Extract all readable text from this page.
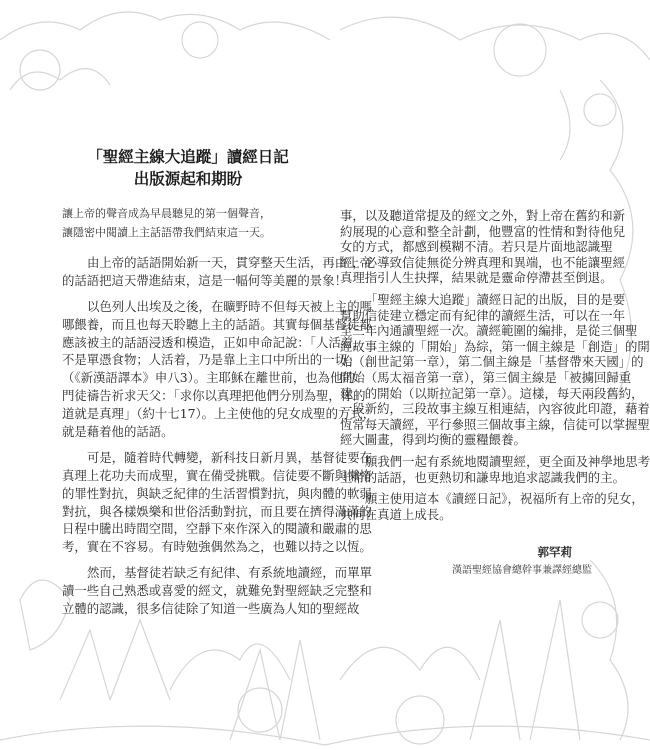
「聖經主線大追蹤」讀經日記
出版源起和期盼
讓上帝的聲音成為早晨聽見的第一個聲音，
讓隱密中閱讀上主話語帶我們結束這一天。
由上帝的話語開始新一天，貫穿整天生活，再由上帝
的話語把這天帶進結束，這是一幅何等美麗的景象！
以色列人出埃及之後，在曠野時不但每天被上主的嗎
哪餵養，而且也每天聆聽上主的話語。其實每個基督徒都
應該被主的話語浸透和模造，正如申命記說：「人活着，
不是單憑食物；人活着，乃是靠上主口中所出的一切」
（《新漢語譯本》申八3）。主耶穌在離世前，也為他的
門徒禱告祈求天父：「求你以真理把他們分別為聖，你的
道就是真理」（約十七17）。上主使他的兒女成聖的方式，
就是藉着他的話語。
可是，隨着時代轉變，新科技日新月異，基督徒要在
真理上花功夫而成聖，實在備受挑戰。信徒要不斷與懶惰
的罪性對抗，與缺乏紀律的生活習慣對抗，與肉體的軟弱
對抗，與各樣娛樂和世俗活動對抗，而且要在擠得滿滿的
日程中騰出時間空間，空靜下來作深入的閱讀和嚴肅的思
考，實在不容易。有時勉強偶然為之，也難以持之以恆。
然而，基督徒若缺乏有紀律、有系統地讀經，而單單
讀一些自己熟悉或喜愛的經文，就難免對聖經缺乏完整和
立體的認識，很多信徒除了知道一些廣為人知的聖經故
事，以及聽道常提及的經文之外，對上帝在舊約和新
約展現的心意和整全計劃，他豐富的性情和對待他兒
女的方式，都感到模糊不清。若只是片面地認識聖
經，必導致信徒無從分辨真理和異端，也不能讓聖經
真理指引人生抉擇，結果就是靈命停滯甚至倒退。
「聖經主線大追蹤」讀經日記的出版，目的是要
幫助信徒建立穩定而有紀律的讀經生活，可以在一年
至三年內通讀聖經一次。讀經範圍的編排，是從三個聖
經故事主線的「開始」為綜，第一個主線是「創造」的開
始（創世記第一章），第二個主線是「基督帶來天國」的
開始（馬太福音第一章），第三個主線是「被擄回歸重
建」的開始（以斯拉記第一章）。這樣，每天兩段舊約，
一段新約，三段故事主線互相連結，內容彼此印證，藉着
恆常每天讀經，平行參照三個故事主線，信徒可以掌握聖
經大圖畫，得到均衡的靈糧餵養。
願我們一起有系統地閱讀聖經，更全面及神學地思考
上帝的話語，也更熱切和謙卑地追求認識我們的主。
願主使用這本《讀經日記》，祝福所有上帝的兒女，
共同在真道上成長。
郭罕莉
漢語聖經協會總幹事兼譯經總監
